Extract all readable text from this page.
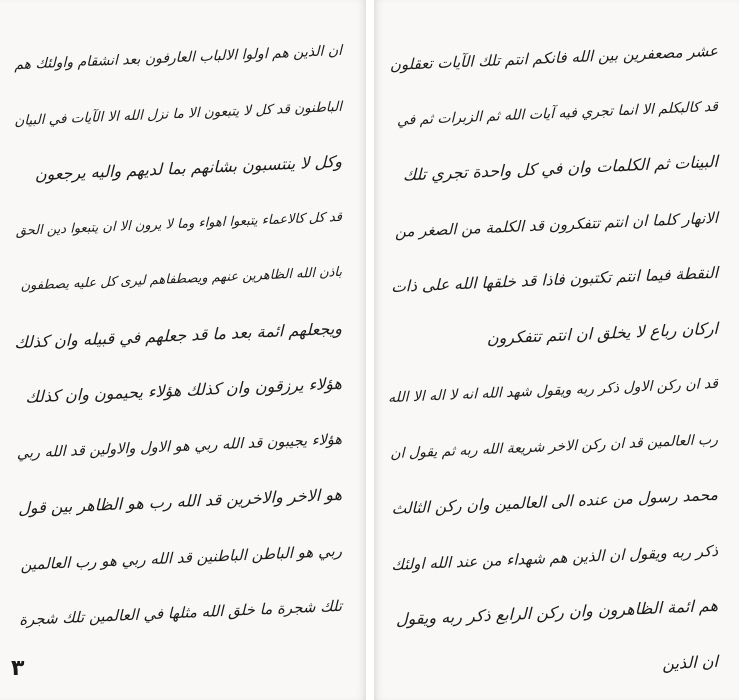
ان الذين هم اولوا الالباب العارفون بعد انشقام واولئك هم
الباطنون قد كل لا يتبعون الا ما نزل الله الا الآيات في البيان
وكل لا ينتسبون بشانهم بما لديهم واليه يرجعون
قد كل كالاعماء يتبعوا اهواء وما لا يرون الا ان يتبعوا دين الحق
باذن الله الظاهرين عنهم ويصطفاهم ليرى كل عليه يصطفون
ويجعلهم ائمة بعد ما قد جعلهم في قبيله وان كذلك
هؤلاء يرزقون وان كذلك هؤلاء يحيمون وان كذلك
هؤلاء يجيبون قد الله ربي هو الاول والاولين قد الله ربي
هو الاخر والاخرين قد الله رب هو الظاهر بين قول
ربي هو الباطن الباطنين قد الله ربي هو رب العالمين
تلك شجرة ما خلق الله مثلها في العالمين تلك شجرة
۳
عشر مصعفرين بين الله فانكم انتم تلك الآيات تعقلون
قد كالبكلم الا انما تجري فيه آيات الله ثم الزبرات ثم في
البينات ثم الكلمات وان في كل واحدة تجري تلك
الانهار كلما ان انتم تتفكرون قد الكلمة من الصغر من
النقطة فيما انتم تكتبون فاذا قد خلقها الله على ذات
اركان رباع لا يخلق ان انتم تتفكرون
قد ان ركن الاول ذكر ربه ويقول شهد الله انه لا اله الا الله
رب العالمين قد ان ركن الاخر شريعة الله ربه ثم يقول ان
محمد رسول من عنده الى العالمين وان ركن الثالث
ذكر ربه ويقول ان الذين هم شهداء من عند الله اولئك
هم ائمة الظاهرون وان ركن الرابع ذكر ربه ويقول
ان الذين
